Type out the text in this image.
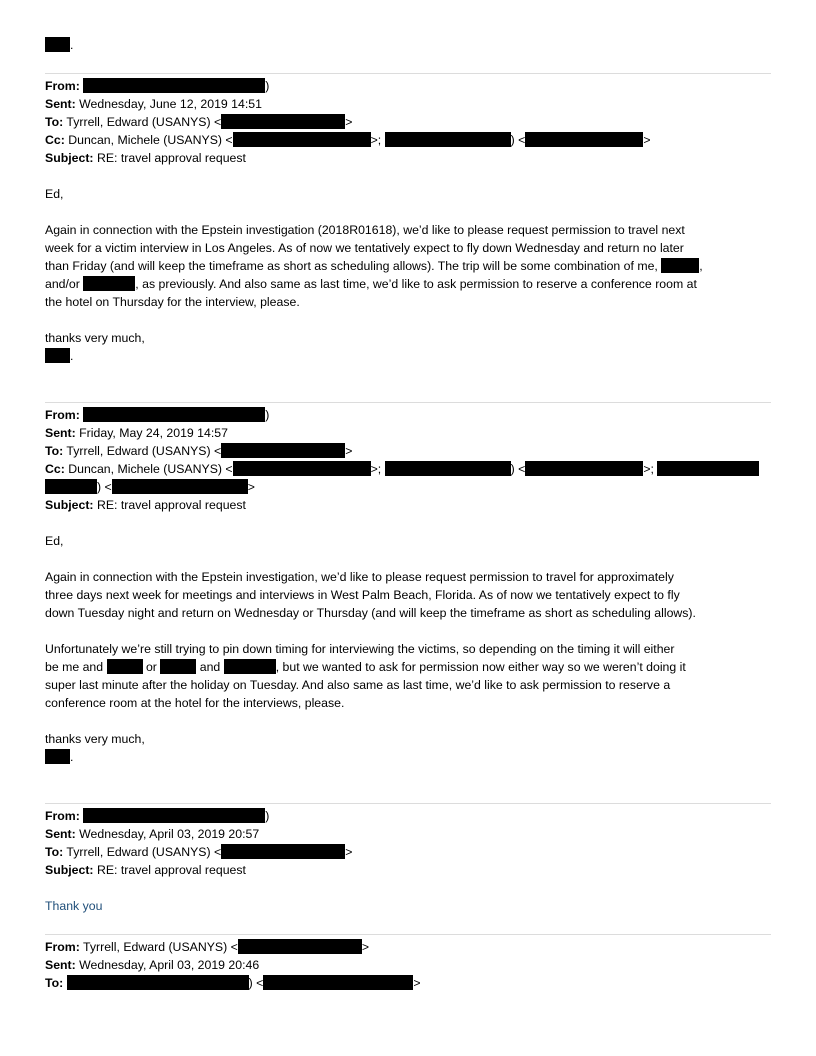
.
From:	)
Sent: Wednesday, June 12, 2019 14:51
To: Tyrrell, Edward (USANYS) <	>
Cc: Duncan, Michele (USANYS) <	>;	) <	>
Subject: RE: travel approval request
Ed,
Again in connection with the Epstein investigation (2018R01618), we’d like to please request permission to travel next
week for a victim interview in Los Angeles. As of now we tentatively expect to fly down Wednesday and return no later
than Friday (and will keep the timeframe as short as scheduling allows). The trip will be some combination of me,	,
and/or	, as previously. And also same as last time, we’d like to ask permission to reserve a conference room at
the hotel on Thursday for the interview, please.
thanks very much,
.
From:	)
Sent: Friday, May 24, 2019 14:57
To: Tyrrell, Edward (USANYS) <	>
Cc: Duncan, Michele (USANYS) <	>;	) <	>;
) <	>
Subject: RE: travel approval request
Ed,
Again in connection with the Epstein investigation, we’d like to please request permission to travel for approximately
three days next week for meetings and interviews in West Palm Beach, Florida. As of now we tentatively expect to fly
down Tuesday night and return on Wednesday or Thursday (and will keep the timeframe as short as scheduling allows).
Unfortunately we’re still trying to pin down timing for interviewing the victims, so depending on the timing it will either
be me and	or	and	, but we wanted to ask for permission now either way so we weren’t doing it
super last minute after the holiday on Tuesday. And also same as last time, we’d like to ask permission to reserve a
conference room at the hotel for the interviews, please.
thanks very much,
.
From:	)
Sent: Wednesday, April 03, 2019 20:57
To: Tyrrell, Edward (USANYS) <	>
Subject: RE: travel approval request
Thank you
From: Tyrrell, Edward (USANYS) <	>
Sent: Wednesday, April 03, 2019 20:46
To:	) <	>
